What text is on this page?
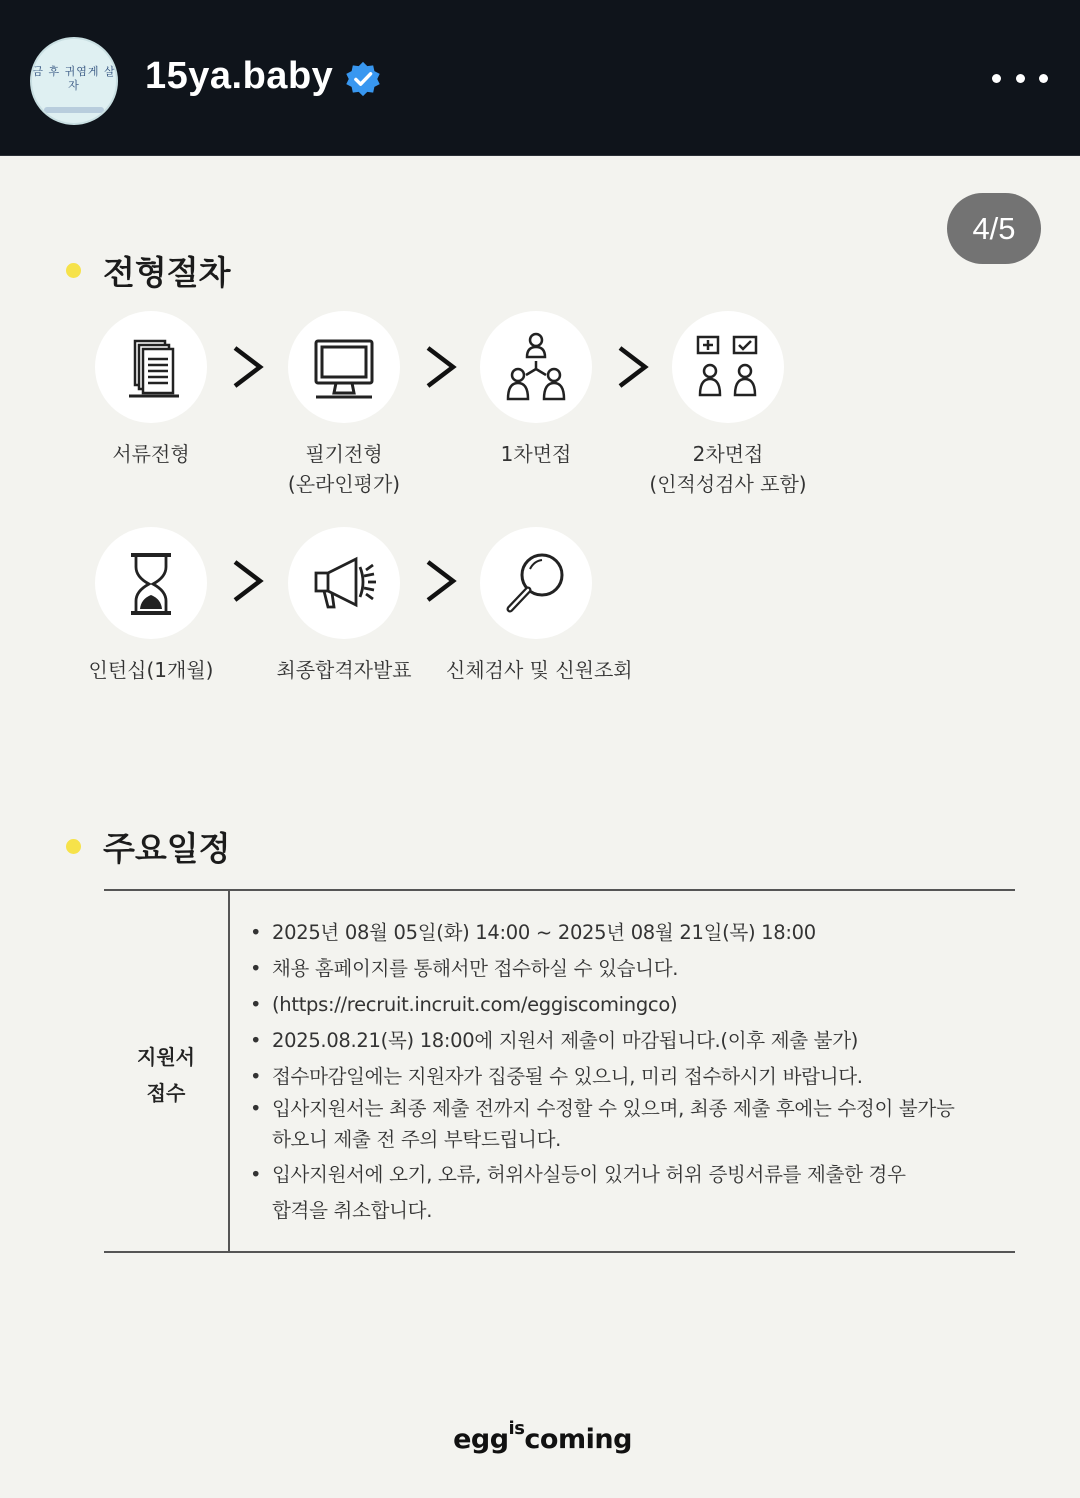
금 후 귀염게 살자	15ya.baby
4/5
전형절차
서류전형	필기전형
(온라인평가)
1차면접	2차면접
(인적성검사 포함)
인턴십(1개월)	최종합격자발표	신체검사 및 신원조회
주요일정
지원서
접수
• 2025년 08월 05일(화) 14:00 ~ 2025년 08월 21일(목) 18:00
• 채용 홈페이지를 통해서만 접수하실 수 있습니다.
• (https://recruit.incruit.com/eggiscomingco)
• 2025.08.21(목) 18:00에 지원서 제출이 마감됩니다.(이후 제출 불가)
• 접수마감일에는 지원자가 집중될 수 있으니, 미리 접수하시기 바랍니다.
• 입사지원서는 최종 제출 전까지 수정할 수 있으며, 최종 제출 후에는 수정이 불가능
하오니 제출 전 주의 부탁드립니다.
• 입사지원서에 오기, 오류, 허위사실등이 있거나 허위 증빙서류를 제출한 경우
합격을 취소합니다.
egg$^{is}$coming
